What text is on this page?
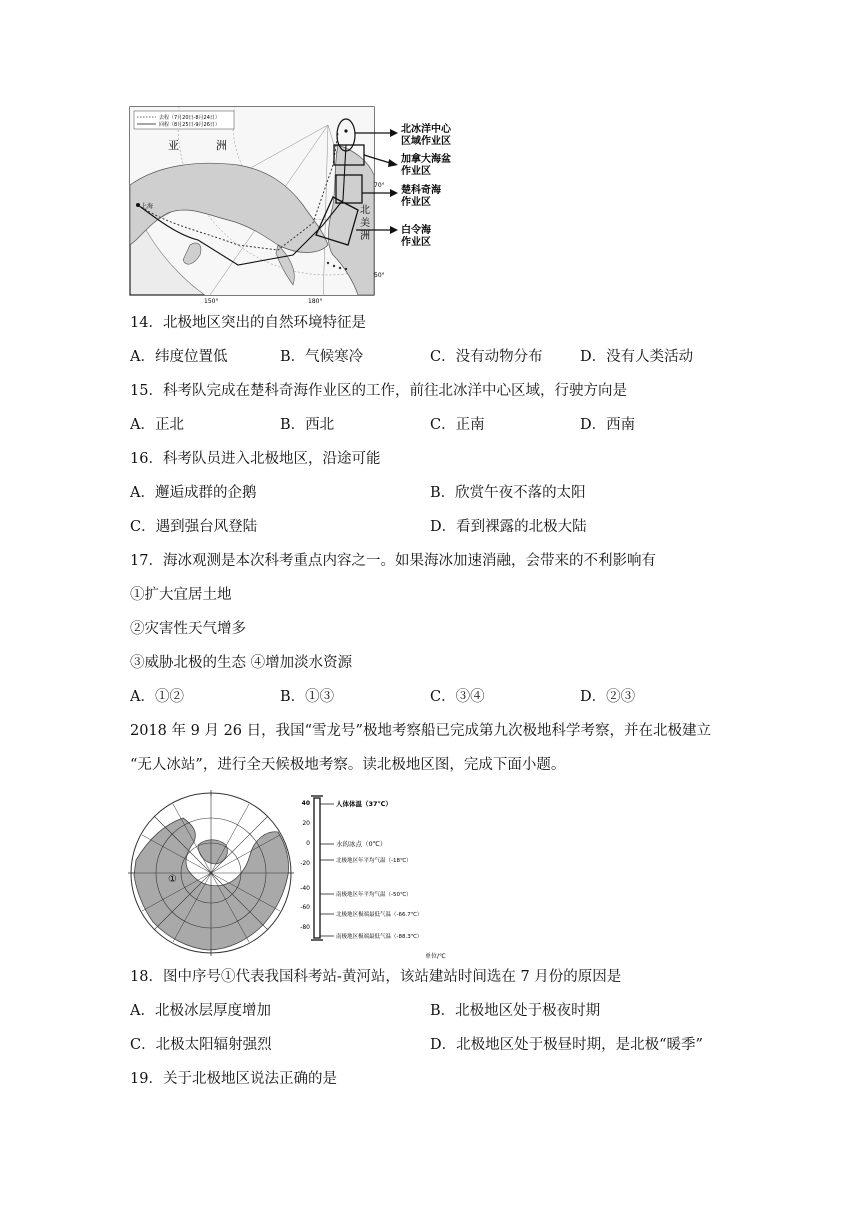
去程（7月20日-8月24日）
回程（8月25日-9月26日）
亚	洲
北
美
洲
上海
70°
50°
150°	180°
北冰洋中心
区域作业区
加拿大海盆
作业区
楚科奇海
作业区
白令海
作业区
14．北极地区突出的自然环境特征是
A．纬度位置低	B．气候寒冷	C．没有动物分布	D．没有人类活动
15．科考队完成在楚科奇海作业区的工作，前往北冰洋中心区域，行驶方向是
A．正北	B．西北	C．正南	D．西南
16．科考队员进入北极地区，沿途可能
A．邂逅成群的企鹅	B．欣赏午夜不落的太阳
C．遇到强台风登陆	D．看到裸露的北极大陆
17．海冰观测是本次科考重点内容之一。如果海冰加速消融，会带来的不利影响有
①扩大宜居土地
②灾害性天气增多
③威胁北极的生态 ④增加淡水资源
A．①②	B．①③	C．③④	D．②③
2018 年 9 月 26 日，我国“雪龙号”极地考察船已完成第九次极地科学考察，并在北极建立
“无人冰站”，进行全天候极地考察。读北极地区图，完成下面小题。
①
40
20
0
-20
-40
-60
-80
人体体温（37℃）
水的冰点（0℃）
北极地区年平均气温（-18℃）
南极地区年平均气温（-50℃）
北极地区极端最低气温（-66.7℃）
南极地区极端最低气温（-88.3℃）
单位/℃
18．图中序号①代表我国科考站-黄河站，该站建站时间选在 7 月份的原因是
A．北极冰层厚度增加	B．北极地区处于极夜时期
C．北极太阳辐射强烈	D．北极地区处于极昼时期，是北极“暖季”
19．关于北极地区说法正确的是
